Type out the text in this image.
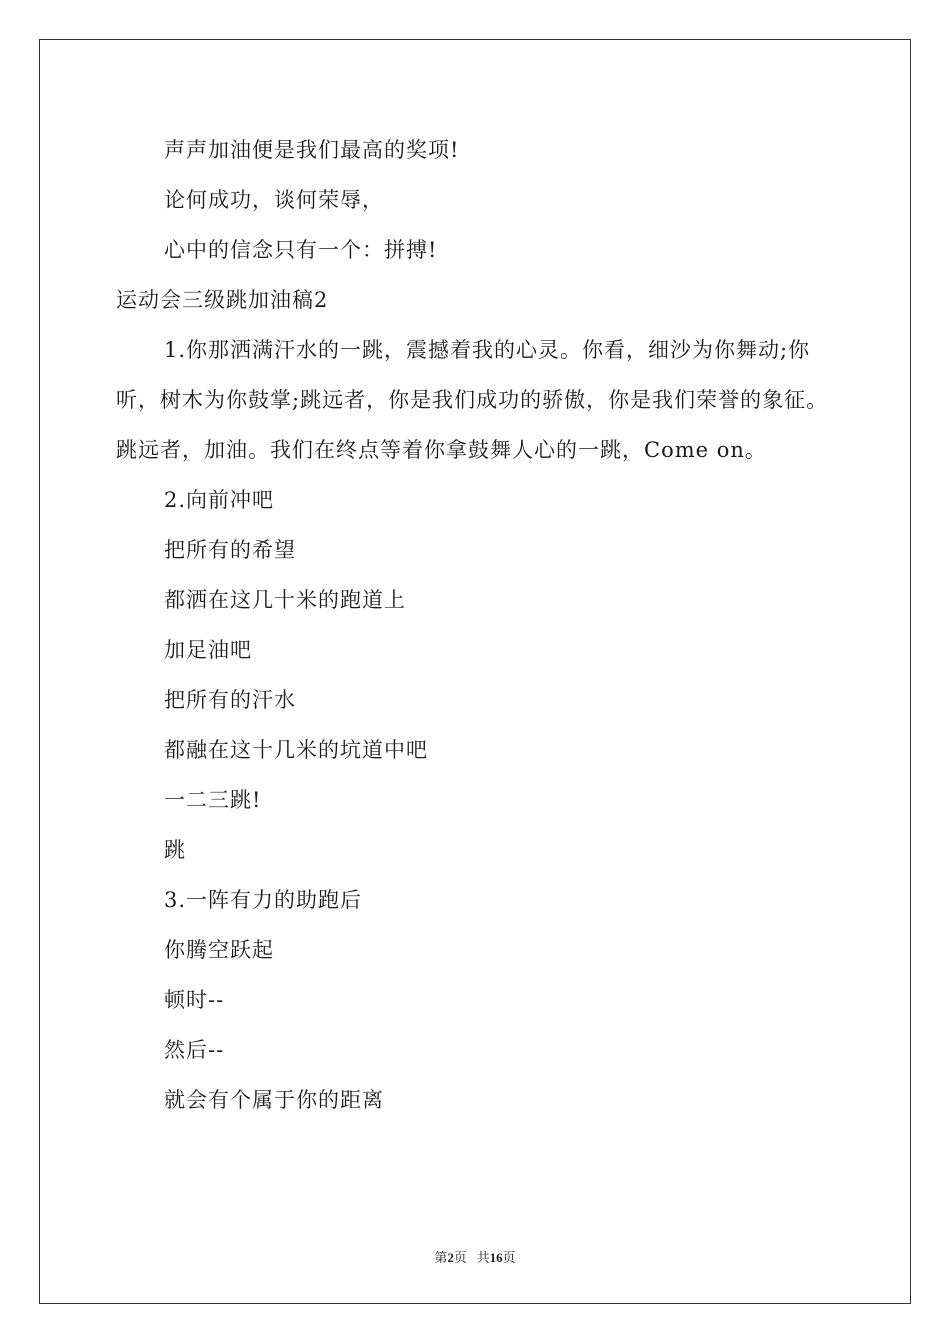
声声加油便是我们最高的奖项!
论何成功，谈何荣辱，
心中的信念只有一个：拼搏!
运动会三级跳加油稿2
1.你那洒满汗水的一跳，震撼着我的心灵。你看，细沙为你舞动;你听，树木为你鼓掌;跳远者，你是我们成功的骄傲，你是我们荣誉的象征。跳远者，加油。我们在终点等着你拿鼓舞人心的一跳，Come on。
2.向前冲吧
把所有的希望
都洒在这几十米的跑道上
加足油吧
把所有的汗水
都融在这十几米的坑道中吧
一二三跳!
跳
3.一阵有力的助跑后
你腾空跃起
顿时--
然后--
就会有个属于你的距离
第2页 共16页
